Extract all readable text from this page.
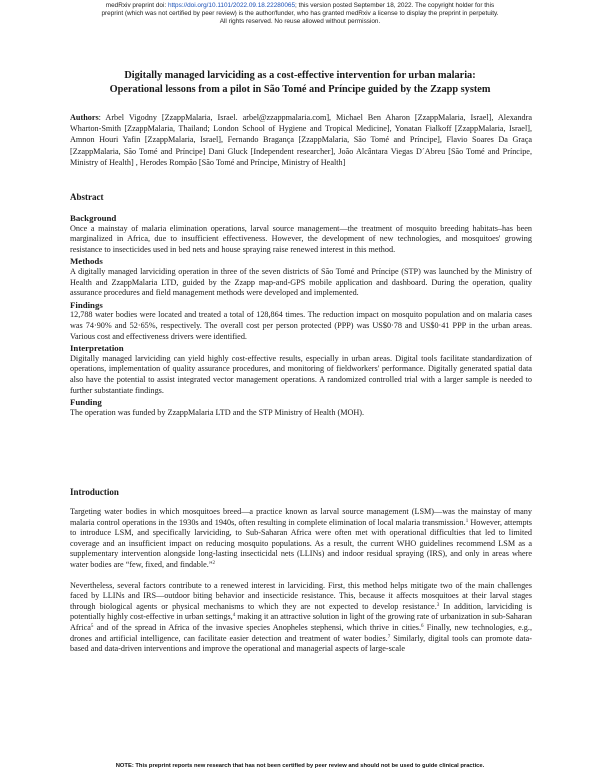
medRxiv preprint doi: https://doi.org/10.1101/2022.09.18.22280065; this version posted September 18, 2022. The copyright holder for this
preprint (which was not certified by peer review) is the author/funder, who has granted medRxiv a license to display the preprint in perpetuity.
All rights reserved. No reuse allowed without permission.
Digitally managed larviciding as a cost-effective intervention for urban malaria:
Operational lessons from a pilot in São Tomé and Príncipe guided by the Zzapp system
Authors: Arbel Vigodny [ZzappMalaria, Israel. arbel@zzappmalaria.com], Michael Ben Aharon [ZzappMalaria, Israel], Alexandra Wharton-Smith [ZzappMalaria, Thailand; London School of Hygiene and Tropical Medicine], Yonatan Fialkoff [ZzappMalaria, Israel], Amnon Houri Yafin [ZzappMalaria, Israel], Fernando Bragança [ZzappMalaria, São Tomé and Príncipe], Flavio Soares Da Graça [ZzappMalaria, São Tomé and Príncipe] Dani Gluck [Independent researcher], João Alcântara Viegas D´Abreu [São Tomé and Príncipe, Ministry of Health] , Herodes Rompão [São Tomé and Príncipe, Ministry of Health]
Abstract
Background

Once a mainstay of malaria elimination operations, larval source management—the treatment of mosquito breeding habitats–has been marginalized in Africa, due to insufficient effectiveness. However, the development of new technologies, and mosquitoes' growing resistance to insecticides used in bed nets and house spraying raise renewed interest in this method.

Methods

A digitally managed larviciding operation in three of the seven districts of São Tomé and Príncipe (STP) was launched by the Ministry of Health and ZzappMalaria LTD, guided by the Zzapp map-and-GPS mobile application and dashboard. During the operation, quality assurance procedures and field management methods were developed and implemented.

Findings

12,788 water bodies were located and treated a total of 128,864 times. The reduction impact on mosquito population and on malaria cases was 74·90% and 52·65%, respectively. The overall cost per person protected (PPP) was US$0·78 and US$0·41 PPP in the urban areas. Various cost and effectiveness drivers were identified.

Interpretation

Digitally managed larviciding can yield highly cost-effective results, especially in urban areas. Digital tools facilitate standardization of operations, implementation of quality assurance procedures, and monitoring of fieldworkers' performance. Digitally generated spatial data also have the potential to assist integrated vector management operations. A randomized controlled trial with a larger sample is needed to further substantiate findings.

Funding

The operation was funded by ZzappMalaria LTD and the STP Ministry of Health (MOH).

Introduction

Targeting water bodies in which mosquitoes breed—a practice known as larval source management (LSM)—was the mainstay of many malaria control operations in the 1930s and 1940s, often resulting in complete elimination of local malaria transmission.$^1$ However, attempts to introduce LSM, and specifically larviciding, to Sub-Saharan Africa were often met with operational difficulties that led to limited coverage and an insufficient impact on reducing mosquito populations. As a result, the current WHO guidelines recommend LSM as a supplementary intervention alongside long-lasting insecticidal nets (LLINs) and indoor residual spraying (IRS), and only in areas where water bodies are “few, fixed, and findable.”$^2$

Nevertheless, several factors contribute to a renewed interest in larviciding. First, this method helps mitigate two of the main challenges faced by LLINs and IRS—outdoor biting behavior and insecticide resistance. This, because it affects mosquitoes at their larval stages through biological agents or physical mechanisms to which they are not expected to develop resistance.$^3$ In addition, larviciding is potentially highly cost-effective in urban settings,$^4$ making it an attractive solution in light of the growing rate of urbanization in sub-Saharan Africa$^5$ and of the spread in Africa of the invasive species Anopheles stephensi, which thrive in cities.$^6$ Finally, new technologies, e.g., drones and artificial intelligence, can facilitate easier detection and treatment of water bodies.$^7$ Similarly, digital tools can promote data-based and data-driven interventions and improve the operational and managerial aspects of large-scale

NOTE: This preprint reports new research that has not been certified by peer review and should not be used to guide clinical practice.
